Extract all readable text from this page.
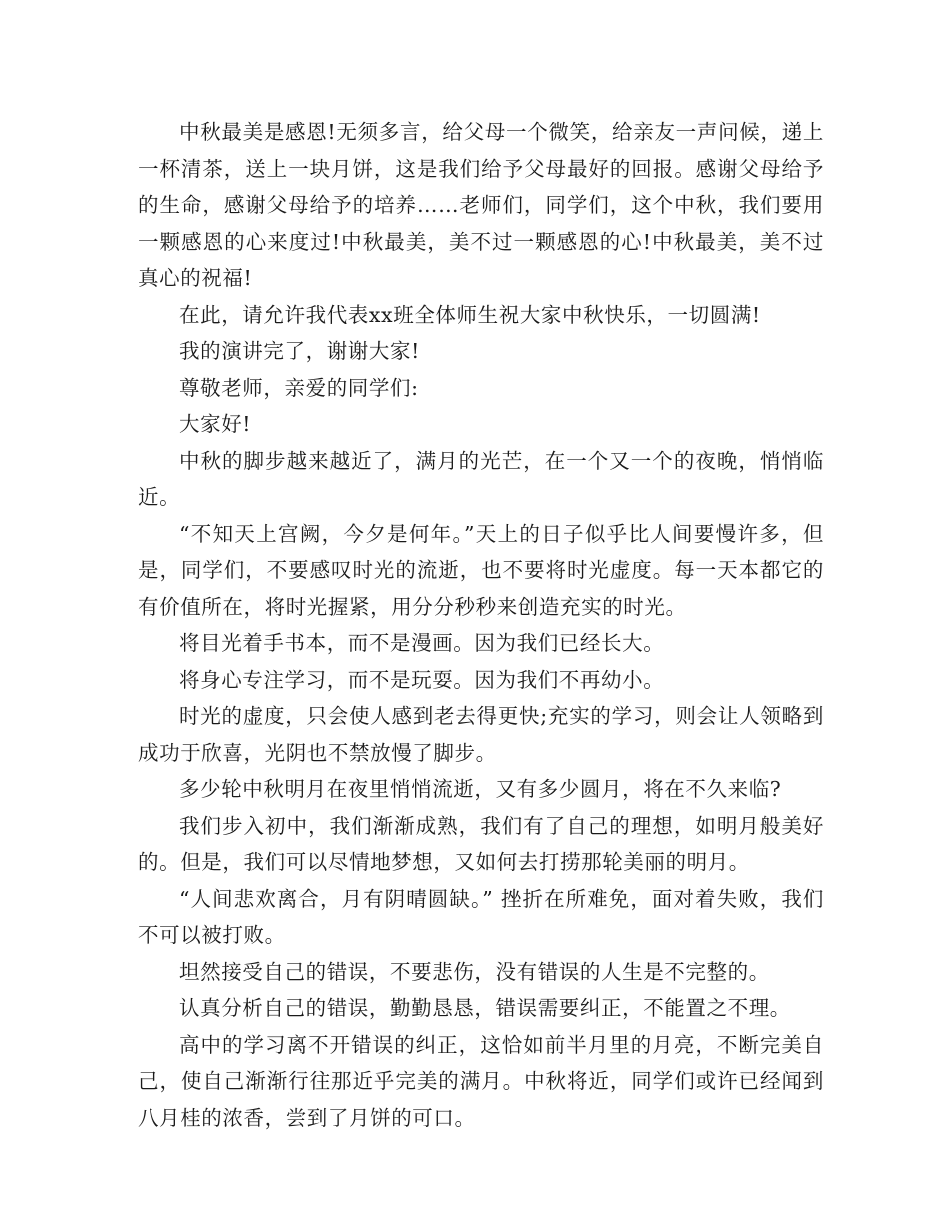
中秋最美是感恩!无须多言，给父母一个微笑，给亲友一声问候，递上一杯清茶，送上一块月饼，这是我们给予父母最好的回报。感谢父母给予的生命，感谢父母给予的培养……老师们，同学们，这个中秋，我们要用一颗感恩的心来度过!中秋最美，美不过一颗感恩的心!中秋最美，美不过真心的祝福!

在此，请允许我代表xx班全体师生祝大家中秋快乐，一切圆满!

我的演讲完了，谢谢大家!

尊敬老师，亲爱的同学们:

大家好!

中秋的脚步越来越近了，满月的光芒，在一个又一个的夜晚，悄悄临近。

“不知天上宫阙，今夕是何年。”天上的日子似乎比人间要慢许多，但是，同学们，不要感叹时光的流逝，也不要将时光虚度。每一天本都它的有价值所在，将时光握紧，用分分秒秒来创造充实的时光。

将目光着手书本，而不是漫画。因为我们已经长大。

将身心专注学习，而不是玩耍。因为我们不再幼小。

时光的虚度，只会使人感到老去得更快;充实的学习，则会让人领略到成功于欣喜，光阴也不禁放慢了脚步。

多少轮中秋明月在夜里悄悄流逝，又有多少圆月，将在不久来临?

我们步入初中，我们渐渐成熟，我们有了自己的理想，如明月般美好的。但是，我们可以尽情地梦想，又如何去打捞那轮美丽的明月。

“人间悲欢离合，月有阴晴圆缺。” 挫折在所难免，面对着失败，我们不可以被打败。

坦然接受自己的错误，不要悲伤，没有错误的人生是不完整的。

认真分析自己的错误，勤勤恳恳，错误需要纠正，不能置之不理。

高中的学习离不开错误的纠正，这恰如前半月里的月亮，不断完美自己，使自己渐渐行往那近乎完美的满月。中秋将近，同学们或许已经闻到八月桂的浓香，尝到了月饼的可口。
